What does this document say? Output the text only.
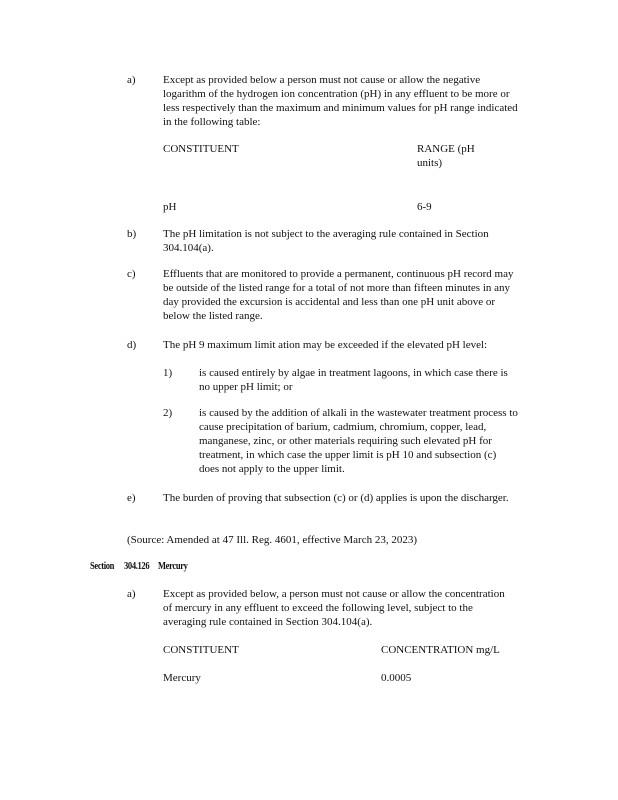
a) Except as provided below a person must not cause or allow the negative logarithm of the hydrogen ion concentration (pH) in any effluent to be more or less respectively than the maximum and minimum values for pH range indicated in the following table:
CONSTITUENT	RANGE (pH units)
pH	6-9
b) The pH limitation is not subject to the averaging rule contained in Section 304.104(a).
c) Effluents that are monitored to provide a permanent, continuous pH record may be outside of the listed range for a total of not more than fifteen minutes in any day provided the excursion is accidental and less than one pH unit above or below the listed range.
d) The pH 9 maximum limit ation may be exceeded if the elevated pH level:
1) is caused entirely by algae in treatment lagoons, in which case there is no upper pH limit; or
2) is caused by the addition of alkali in the wastewater treatment process to cause precipitation of barium, cadmium, chromium, copper, lead, manganese, zinc, or other materials requiring such elevated pH for treatment, in which case the upper limit is pH 10 and subsection (c) does not apply to the upper limit.
e) The burden of proving that subsection (c) or (d) applies is upon the discharger.
(Source: Amended at 47 Ill. Reg. 4601, effective March 23, 2023)
Section 304.126 Mercury
a) Except as provided below, a person must not cause or allow the concentration of mercury in any effluent to exceed the following level, subject to the averaging rule contained in Section 304.104(a).
CONSTITUENT	CONCENTRATION mg/L
Mercury	0.0005
